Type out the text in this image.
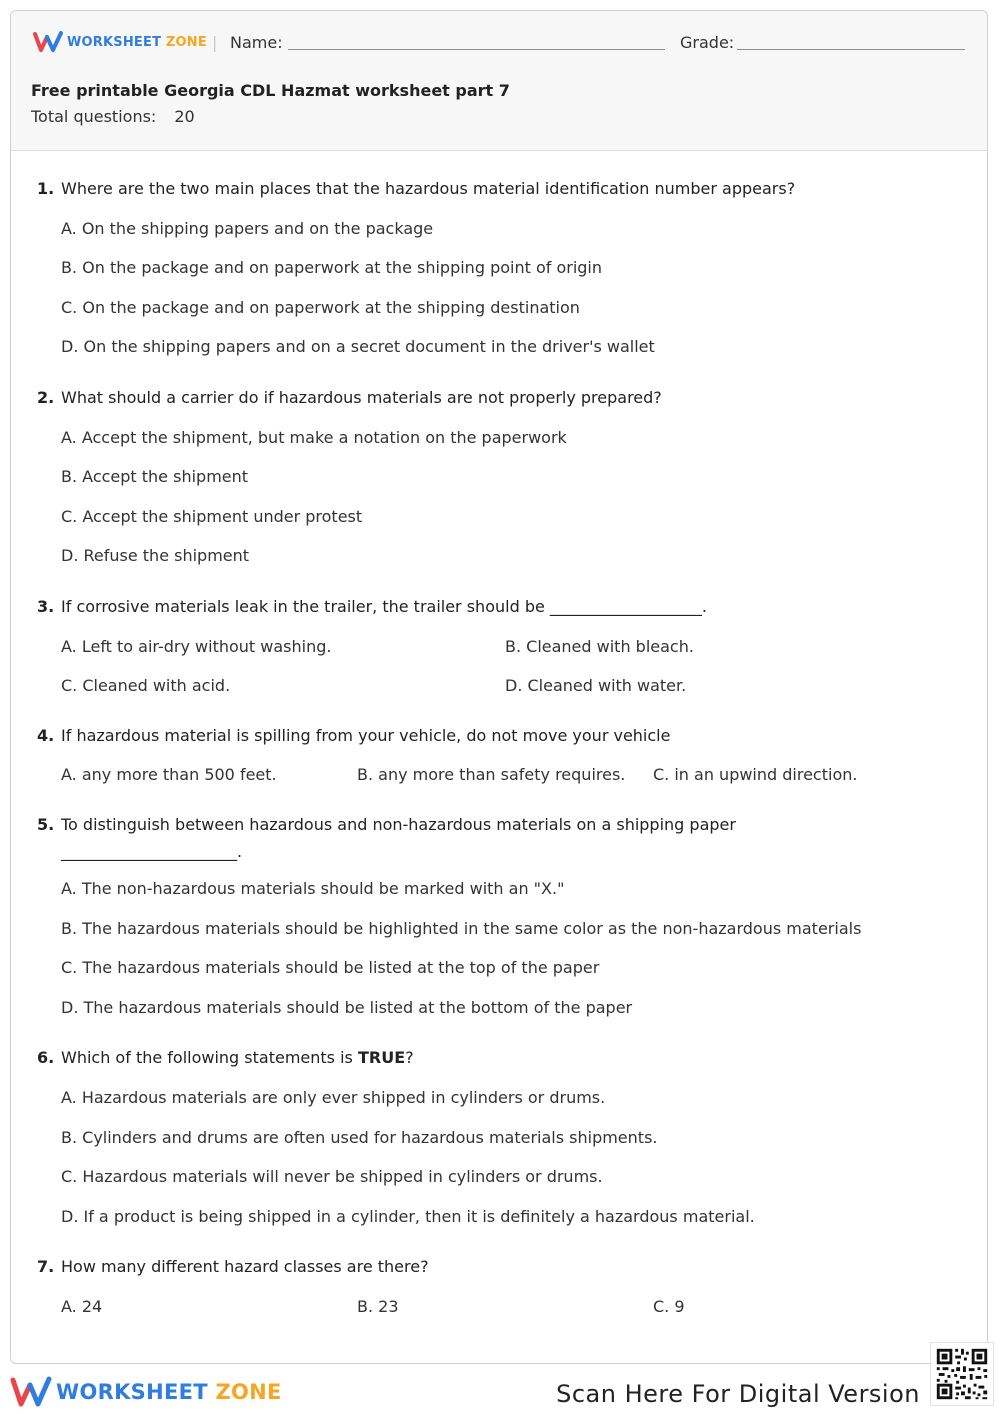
WORKSHEET ZONE | Name:	Grade:
Free printable Georgia CDL Hazmat worksheet part 7
Total questions: 20
1. Where are the two main places that the hazardous material identification number appears?
A. On the shipping papers and on the package
B. On the package and on paperwork at the shipping point of origin
C. On the package and on paperwork at the shipping destination
D. On the shipping papers and on a secret document in the driver's wallet
2. What should a carrier do if hazardous materials are not properly prepared?
A. Accept the shipment, but make a notation on the paperwork
B. Accept the shipment
C. Accept the shipment under protest
D. Refuse the shipment
3. If corrosive materials leak in the trailer, the trailer should be ___________________.
A. Left to air-dry without washing.	B. Cleaned with bleach.
C. Cleaned with acid.	D. Cleaned with water.
4. If hazardous material is spilling from your vehicle, do not move your vehicle
A. any more than 500 feet.	B. any more than safety requires. C. in an upwind direction.
5. To distinguish between hazardous and non-hazardous materials on a shipping paper ______________________.
A. The non-hazardous materials should be marked with an "X."
B. The hazardous materials should be highlighted in the same color as the non-hazardous materials
C. The hazardous materials should be listed at the top of the paper
D. The hazardous materials should be listed at the bottom of the paper
6. Which of the following statements is TRUE?
A. Hazardous materials are only ever shipped in cylinders or drums.
B. Cylinders and drums are often used for hazardous materials shipments.
C. Hazardous materials will never be shipped in cylinders or drums.
D. If a product is being shipped in a cylinder, then it is definitely a hazardous material.
7. How many different hazard classes are there?
A. 24	B. 23	C. 9
WORKSHEET ZONE	Scan Here For Digital Version
